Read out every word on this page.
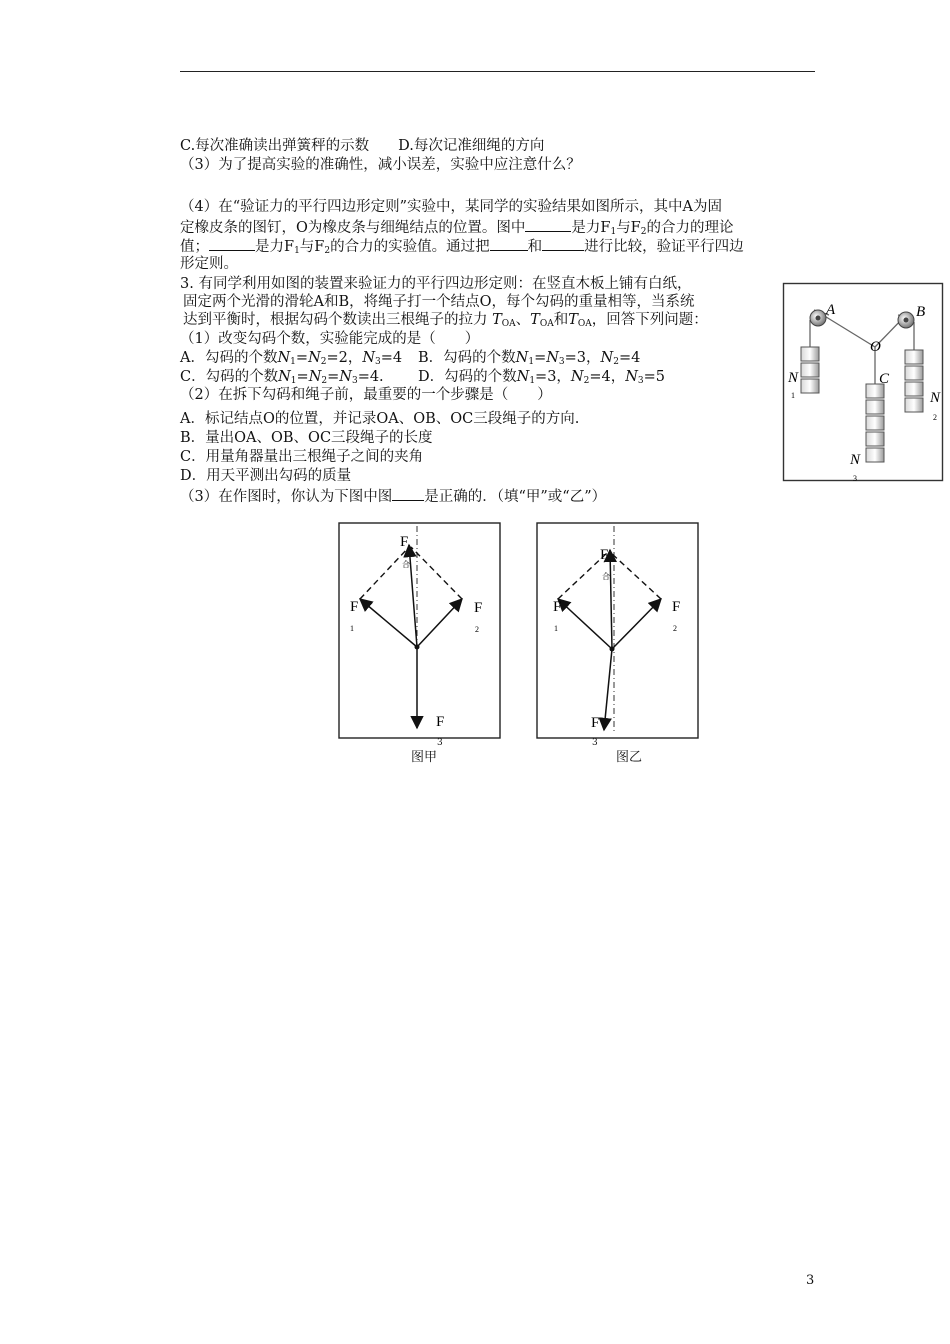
C.每次准确读出弹簧秤的示数　　D.每次记准细绳的方向
（3）为了提高实验的准确性，减小误差，实验中应注意什么？
（4）在“验证力的平行四边形定则”实验中，某同学的实验结果如图所示，其中A为固
定橡皮条的图钉，O为橡皮条与细绳结点的位置。图中	是力$F_1$与$F_2$的合力的理论
值；	是力$F_1$与$F_2$的合力的实验值。通过把	和	进行比较，验证平行四边
形定则。
3. 有同学利用如图的装置来验证力的平行四边形定则：在竖直木板上铺有白纸，
固定两个光滑的滑轮A和B，将绳子打一个结点O，每个勾码的重量相等，当系统
达到平衡时，根据勾码个数读出三根绳子的拉力 $T_{OA}$、$T_{OA}$和$T_{OA}$，回答下列问题：
（1）改变勾码个数，实验能完成的是（　　）
A．勾码的个数$N_1=N_2=2$，$N_3=4$ B．勾码的个数$N_1=N_3=3$，$N_2=4$
C．勾码的个数$N_1=N_2=N_3=4$. D．勾码的个数$N_1=3$，$N_2=4$，$N_3=5$
（2）在拆下勾码和绳子前，最重要的一个步骤是（　　）
A．标记结点O的位置，并记录OA、OB、OC三段绳子的方向.
B．量出OA、OB、OC三段绳子的长度
C．用量角器量出三根绳子之间的夹角
D．用天平测出勾码的质量
（3）在作图时，你认为下图中图 是正确的．（填“甲”或“乙”）
A	B
O
C
N
1	N
2
N
3
F
合
F
1
F
2
F
3
图甲
F
合
F
1
F
2
F
3
图乙
3
